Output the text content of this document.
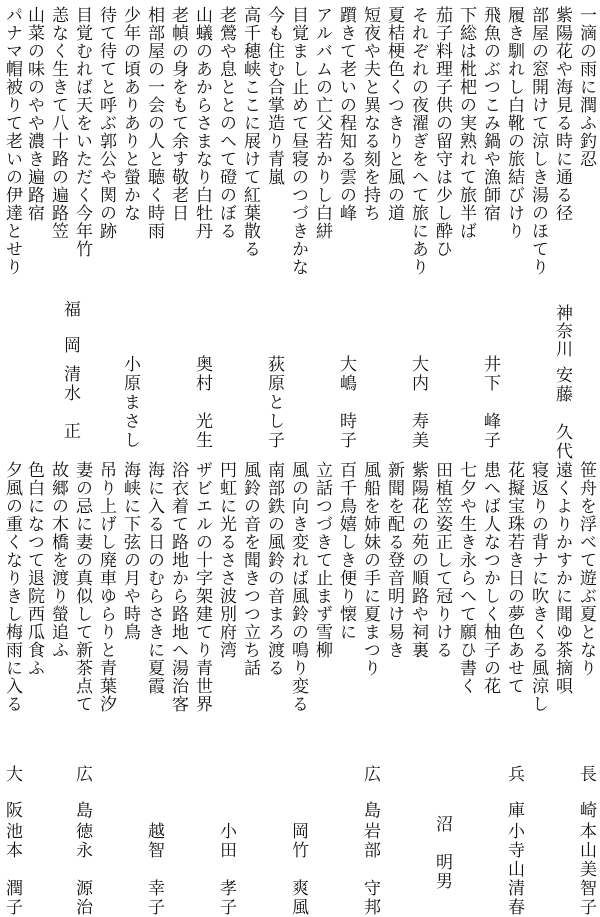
一滴の雨に潤ふ釣忍
紫陽花や海見る時に通る径
神奈川
安藤　久代
部屋の窓開けて涼しき湯のほてり
履き馴れし白靴の旅結びけり
飛魚のぶつこみ鍋や漁師宿
井下　峰子
下総は枇杷の実熟れて旅半ば
茄子料理子供の留守は少し酔ひ
それぞれの夜濯ぎをへて旅にあり
大内　寿美
夏桔梗色くつきりと風の道
短夜や夫と異なる刻を持ち
躓きて老いの程知る雲の峰
大嶋　時子
アルバムの亡父若かりし白絣
目覚まし止めて昼寝のつづきかな
今も住む合掌造り青嵐
荻原とし子
高千穂峡ここに展けて紅葉散る
老鶯や息ととのへて磴のぼる
山蟻のあからさまなり白牡丹
奥村　光生
老幀の身をもて余す敬老日
相部屋の一会の人と聴く時雨
少年の頃ありありと螢かな
小原まさし
待て待てと呼ぶ郭公や関の跡
目覚むれば天をいただく今年竹
恙なく生きて八十路の遍路笠
山菜の味のやや濃き遍路宿
福　岡
清水　正
パナマ帽被りて老いの伊達とせり
笹舟を浮べて遊ぶ夏となり
長　崎
本山美智子
遠くよりかすかに聞ゆ茶摘唄
寝返りの背ナに吹きくる風涼し
花擬宝珠若き日の夢色あせて
兵　庫
小寺山清春
患へば人なつかしく柚子の花
七夕や生き永らへて願ひ書く
田植笠姿正して冠りける
沼　明男
紫陽花の苑の順路や祠裏
新聞を配る登音明け易き
風船を姉妹の手に夏まつり
広　島
岩部　守邦
百千鳥嬉しき便り懐に
立話つづきて止まず雪柳
風の向き変れば風鈴の鳴り変る
岡竹　爽風
南部鉄の風鈴の音まろ渡る
風鈴の音を聞きつつ立ち話
円虹に光るささ波別府湾
小田　孝子
ザビエルの十字架建てり青世界
浴衣着て路地から路地へ湯治客
海に入る日のむらさきに夏霞
越智　幸子
海峡に下弦の月や時鳥
吊り上げし廃車ゆらりと青葉汐
妻の忌に妻の真似して新茶点て
広　島
徳永　源治
故郷の木橋を渡り螢追ふ
色白になつて退院西瓜食ふ
夕風の重くなりきし梅雨に入る
大　阪
池本　潤子
